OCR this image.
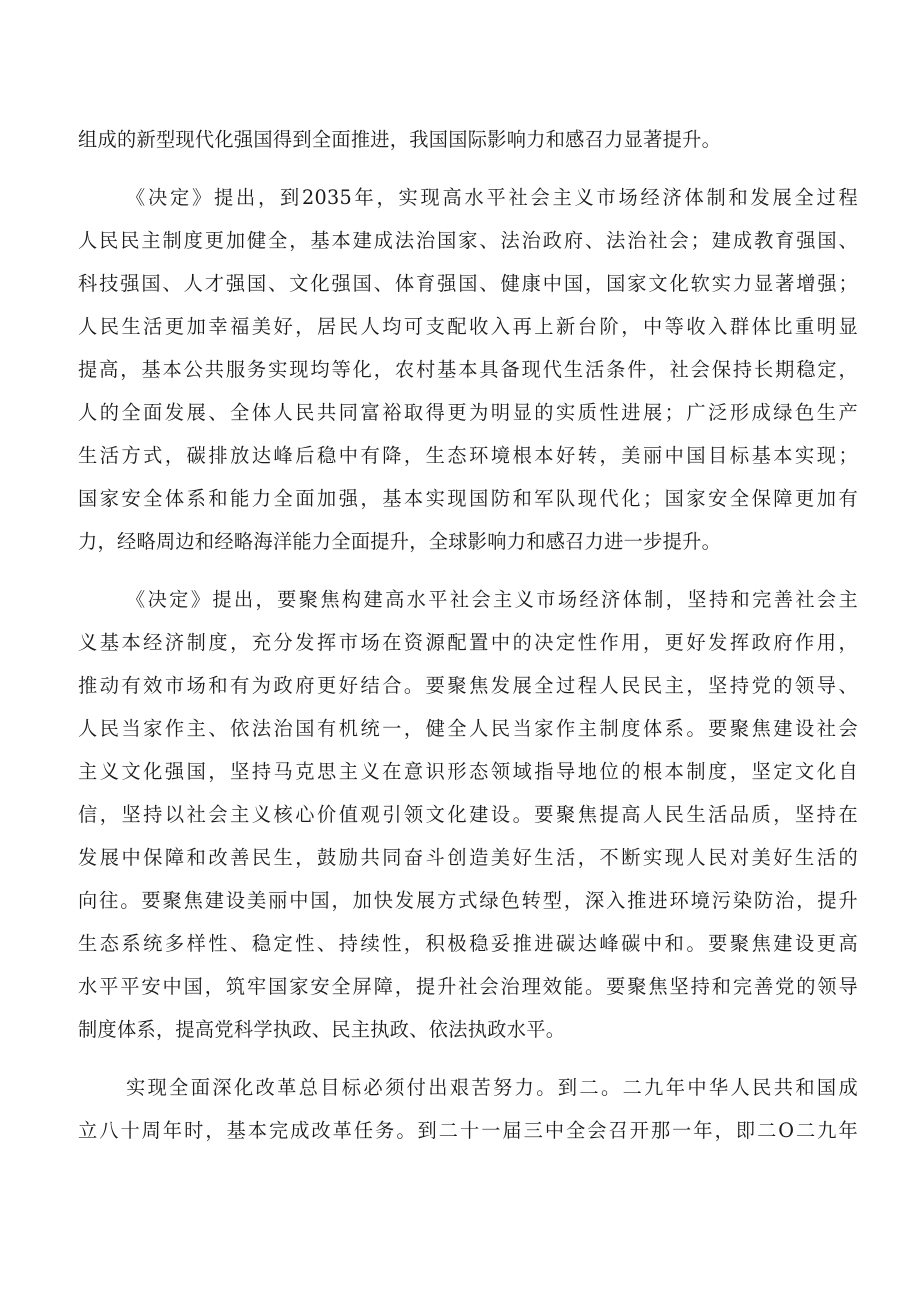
组成的新型现代化强国得到全面推进，我国国际影响力和感召力显著提升。
《决定》提出，到2035年，实现高水平社会主义市场经济体制和发展全过程
人民民主制度更加健全，基本建成法治国家、法治政府、法治社会；建成教育强国、
科技强国、人才强国、文化强国、体育强国、健康中国，国家文化软实力显著增强；
人民生活更加幸福美好，居民人均可支配收入再上新台阶，中等收入群体比重明显
提高，基本公共服务实现均等化，农村基本具备现代生活条件，社会保持长期稳定，
人的全面发展、全体人民共同富裕取得更为明显的实质性进展；广泛形成绿色生产
生活方式，碳排放达峰后稳中有降，生态环境根本好转，美丽中国目标基本实现；
国家安全体系和能力全面加强，基本实现国防和军队现代化；国家安全保障更加有
力，经略周边和经略海洋能力全面提升，全球影响力和感召力进一步提升。
《决定》提出，要聚焦构建高水平社会主义市场经济体制，坚持和完善社会主
义基本经济制度，充分发挥市场在资源配置中的决定性作用，更好发挥政府作用，
推动有效市场和有为政府更好结合。要聚焦发展全过程人民民主，坚持党的领导、
人民当家作主、依法治国有机统一，健全人民当家作主制度体系。要聚焦建设社会
主义文化强国，坚持马克思主义在意识形态领域指导地位的根本制度，坚定文化自
信，坚持以社会主义核心价值观引领文化建设。要聚焦提高人民生活品质，坚持在
发展中保障和改善民生，鼓励共同奋斗创造美好生活，不断实现人民对美好生活的
向往。要聚焦建设美丽中国，加快发展方式绿色转型，深入推进环境污染防治，提升
生态系统多样性、稳定性、持续性，积极稳妥推进碳达峰碳中和。要聚焦建设更高
水平平安中国，筑牢国家安全屏障，提升社会治理效能。要聚焦坚持和完善党的领导
制度体系，提高党科学执政、民主执政、依法执政水平。
实现全面深化改革总目标必须付出艰苦努力。到二。二九年中华人民共和国成
立八十周年时，基本完成改革任务。到二十一届三中全会召开那一年，即二O二九年
